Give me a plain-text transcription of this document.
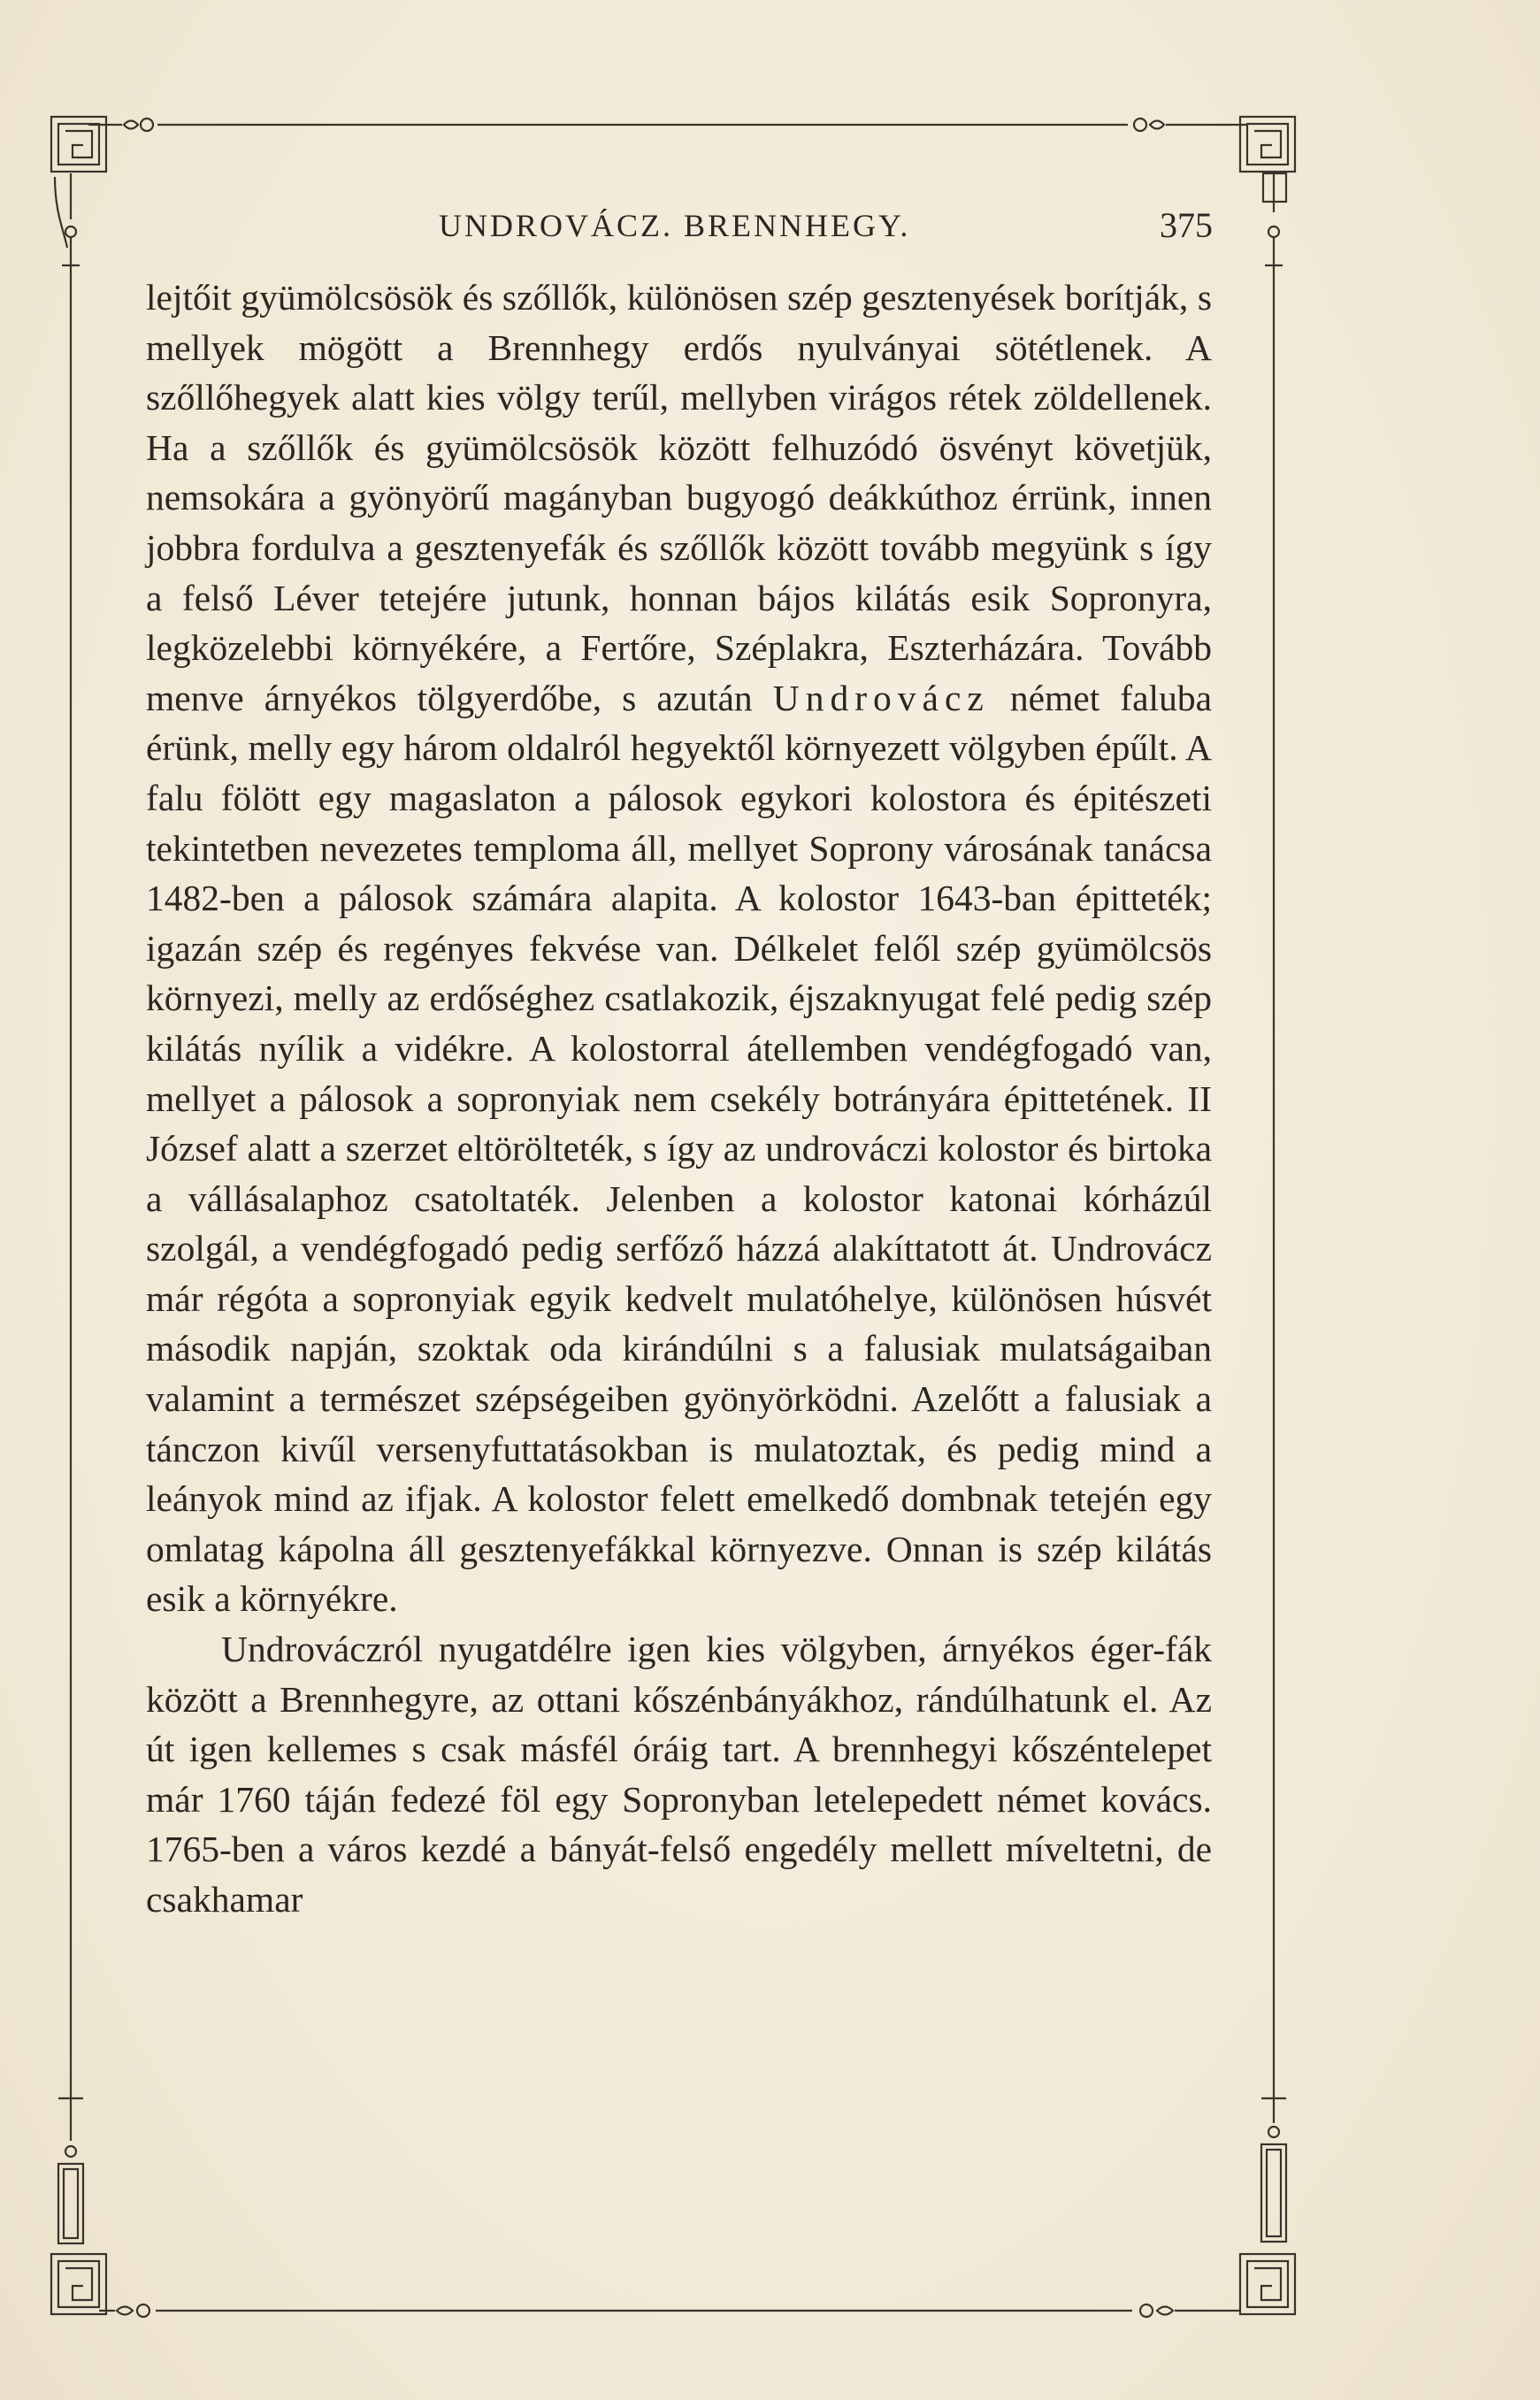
UNDROVÁCZ. BRENNHEGY.	375

lejtőit gyümölcsösök és szőllők, különösen szép gesztenyések borítják, s mellyek mögött a Brennhegy erdős nyulványai sötétlenek. A szőllőhegyek alatt kies völgy terűl, mellyben virágos rétek zöldellenek. Ha a szőllők és gyümölcsösök között felhuzódó ösvényt követjük, nemsokára a gyönyörű magányban bugyogó deákkúthoz érrünk, innen jobbra fordulva a gesztenyefák és szőllők között tovább megyünk s így a felső Léver tetejére jutunk, honnan bájos kilátás esik Sopronyra, legközelebbi környékére, a Fertőre, Széplakra, Eszterházára. Tovább menve árnyékos tölgyerdőbe, s azután Undrovácz német faluba érünk, melly egy három oldalról hegyektől környezett völgyben épűlt. A falu fölött egy magaslaton a pálosok egykori kolostora és épitészeti tekintetben nevezetes temploma áll, mellyet Soprony városának tanácsa 1482-ben a pálosok számára alapita. A kolostor 1643-ban épitteték; igazán szép és regényes fekvése van. Délkelet felől szép gyümölcsös környezi, melly az erdőséghez csatlakozik, éjszaknyugat felé pedig szép kilátás nyílik a vidékre. A kolostorral átellemben vendégfogadó van, mellyet a pálosok a sopronyiak nem csekély botrányára épittetének. II József alatt a szerzet eltörölteték, s így az undrováczi kolostor és birtoka a vállásalaphoz csatoltaték. Jelenben a kolostor katonai kórházúl szolgál, a vendégfogadó pedig serfőző házzá alakíttatott át. Undrovácz már régóta a sopronyiak egyik kedvelt mulatóhelye, különösen húsvét második napján, szoktak oda kirándúlni s a falusiak mulatságaiban valamint a természet szépségeiben gyönyörködni. Azelőtt a falusiak a tánczon kivűl versenyfuttatásokban is mulatoztak, és pedig mind a leányok mind az ifjak. A kolostor felett emelkedő dombnak tetején egy omlatag kápolna áll gesztenyefákkal környezve. Onnan is szép kilátás esik a környékre.

Undrováczról nyugatdélre igen kies völgyben, árnyékos éger-fák között a Brennhegyre, az ottani kőszénbányákhoz, rándúlhatunk el. Az út igen kellemes s csak másfél óráig tart. A brennhegyi kőszéntelepet már 1760 táján fedezé föl egy Sopronyban letelepedett német kovács. 1765-ben a város kezdé a bányát-felső engedély mellett míveltetni, de csakhamar
